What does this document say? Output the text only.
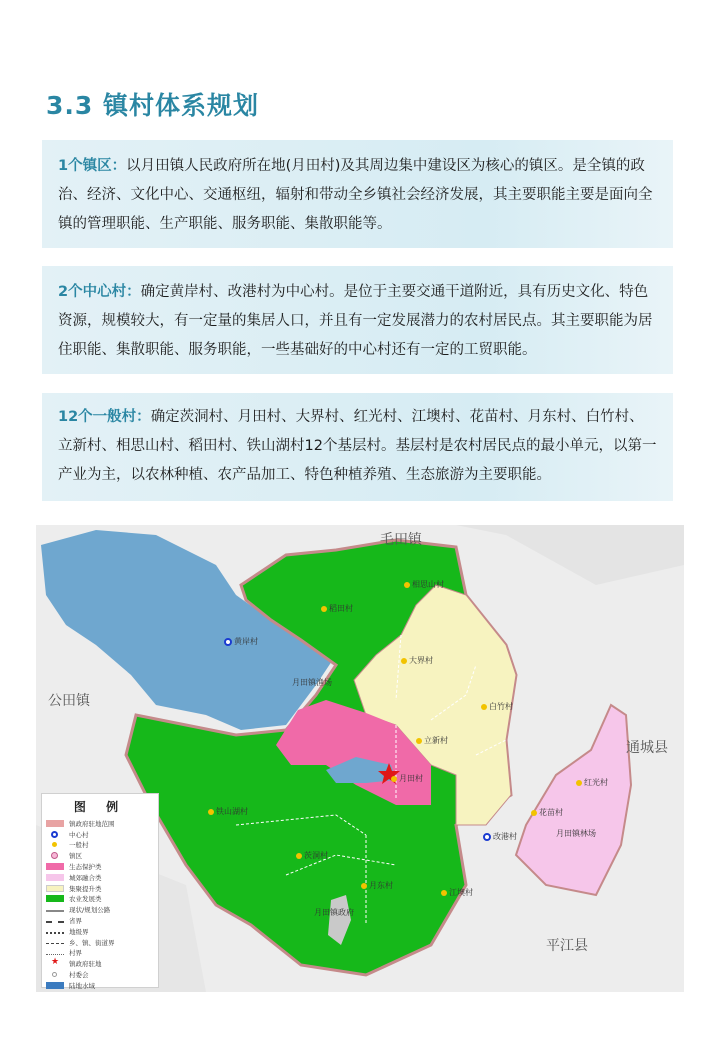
3.3 镇村体系规划
1个镇区：以月田镇人民政府所在地(月田村)及其周边集中建设区为核心的镇区。是全镇的政治、经济、文化中心、交通枢纽，辐射和带动全乡镇社会经济发展，其主要职能主要是面向全镇的管理职能、生产职能、服务职能、集散职能等。
2个中心村：确定黄岸村、改港村为中心村。是位于主要交通干道附近，具有历史文化、特色资源，规模较大，有一定量的集居人口，并且有一定发展潜力的农村居民点。其主要职能为居住职能、集散职能、服务职能，一些基础好的中心村还有一定的工贸职能。
12个一般村：确定茨洞村、月田村、大界村、红光村、江墺村、花苗村、月东村、白竹村、立新村、相思山村、稻田村、铁山湖村12个基层村。基层村是农村居民点的最小单元，以第一产业为主，以农林种植、农产品加工、特色种植养殖、生态旅游为主要职能。
毛田镇
公田镇
通城县
平江县
相思山村
稻田村
黄岸村
大界村
白竹村
月田镇渔场
立新村
月田村
铁山湖村
红光村
花苗村
月田镇林场
改港村
茨洞村
月东村
江墺村
月田镇政府
图 例
镇政府驻地范围
中心村
一般村
镇区
生态保护类
城郊融合类
集聚提升类
农业发展类
现状/规划公路
省界
地级界
乡、镇、街道界
村界
★ 镇政府驻地
村委会
陆地水域
